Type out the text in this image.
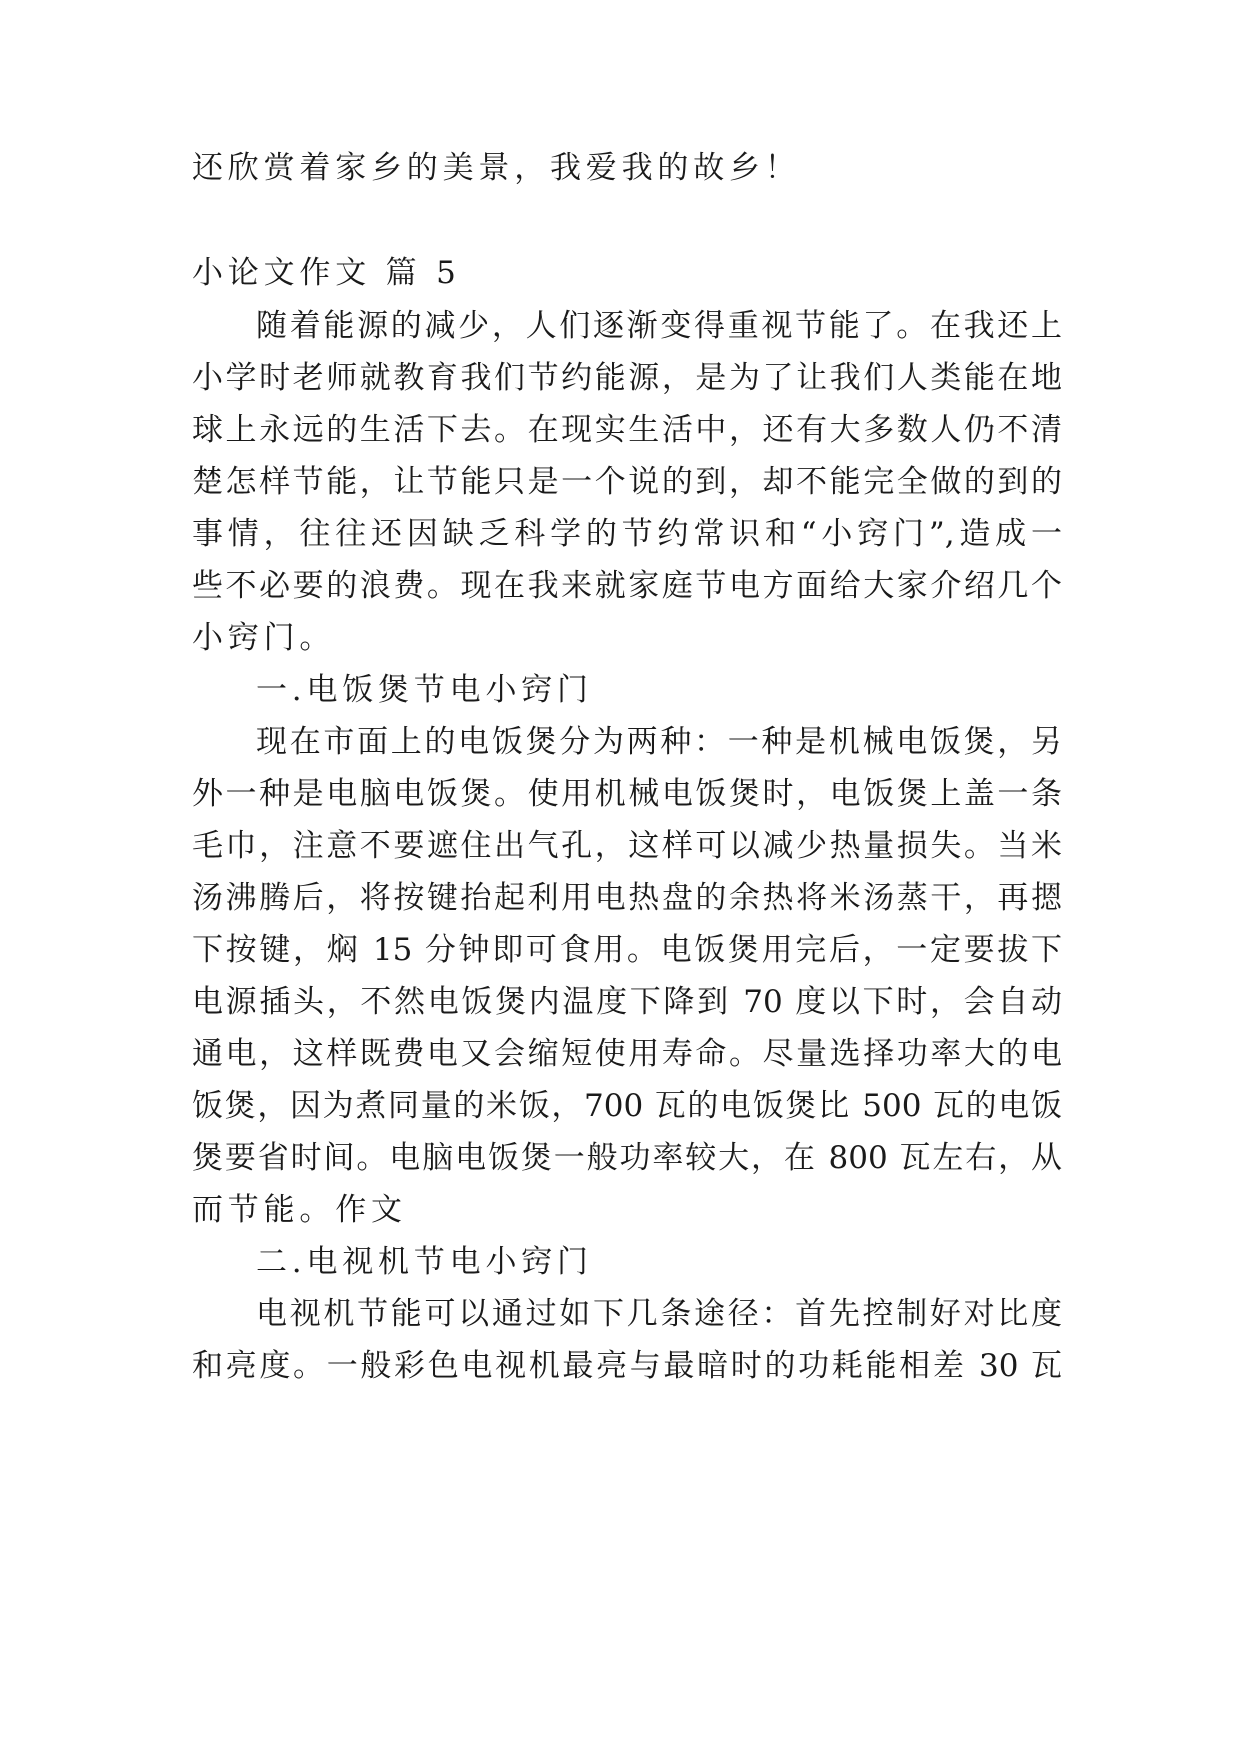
还欣赏着家乡的美景，我爱我的故乡！
小论文作文 篇 5
随着能源的减少，人们逐渐变得重视节能了。在我还上
小学时老师就教育我们节约能源，是为了让我们人类能在地
球上永远的生活下去。在现实生活中，还有大多数人仍不清
楚怎样节能，让节能只是一个说的到，却不能完全做的到的
事情，往往还因缺乏科学的节约常识和“小窍门”,造成一
些不必要的浪费。现在我来就家庭节电方面给大家介绍几个
小窍门。
一.电饭煲节电小窍门
现在市面上的电饭煲分为两种：一种是机械电饭煲，另
外一种是电脑电饭煲。使用机械电饭煲时，电饭煲上盖一条
毛巾，注意不要遮住出气孔，这样可以减少热量损失。当米
汤沸腾后，将按键抬起利用电热盘的余热将米汤蒸干，再摁
下按键，焖 15 分钟即可食用。电饭煲用完后，一定要拔下
电源插头，不然电饭煲内温度下降到 70 度以下时，会自动
通电，这样既费电又会缩短使用寿命。尽量选择功率大的电
饭煲，因为煮同量的米饭，700 瓦的电饭煲比 500 瓦的电饭
煲要省时间。电脑电饭煲一般功率较大，在 800 瓦左右，从
而节能。作文
二.电视机节电小窍门
电视机节能可以通过如下几条途径：首先控制好对比度
和亮度。一般彩色电视机最亮与最暗时的功耗能相差 30 瓦
